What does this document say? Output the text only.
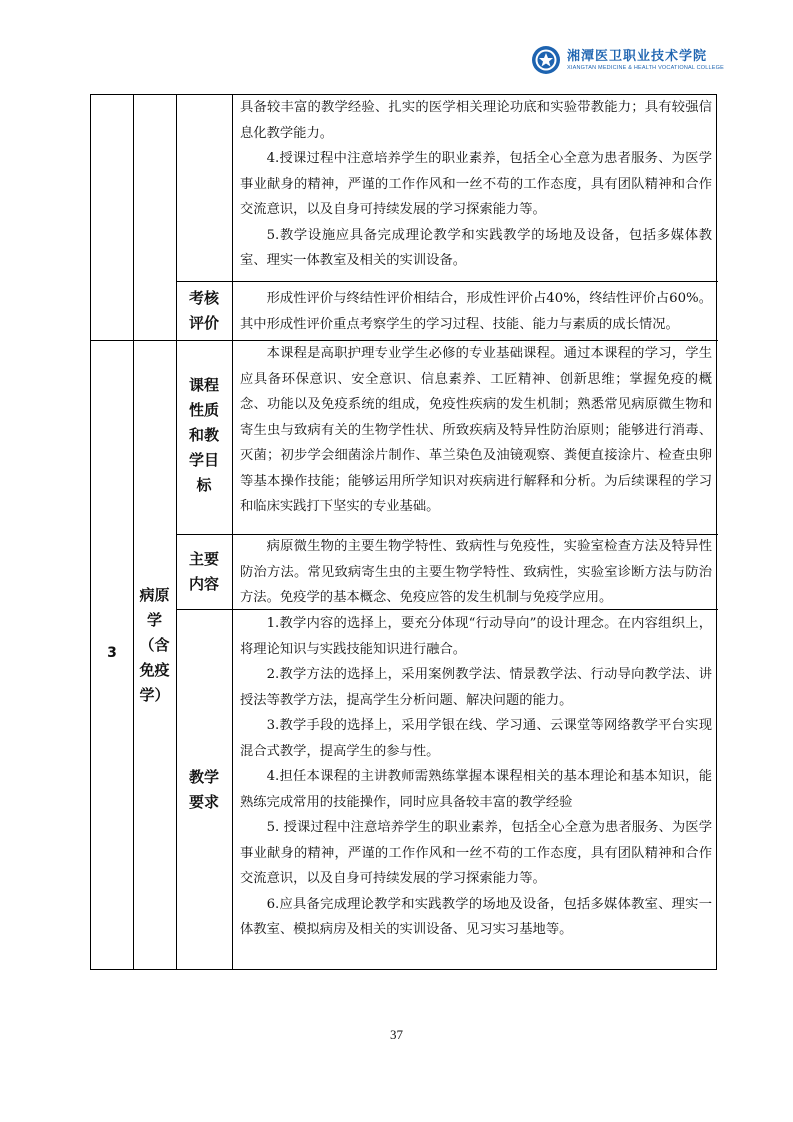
湘潭医卫职业技术学院
XIANGTAN MEDICINE & HEALTH VOCATIONAL COLLEGE

具备较丰富的教学经验、扎实的医学相关理论功底和实验带教能力；具有较强信息化教学能力。

4.授课过程中注意培养学生的职业素养，包括全心全意为患者服务、为医学事业献身的精神，严谨的工作作风和一丝不苟的工作态度，具有团队精神和合作交流意识，以及自身可持续发展的学习探索能力等。

5.教学设施应具备完成理论教学和实践教学的场地及设备，包括多媒体教室、理实一体教室及相关的实训设备。

考核评价

形成性评价与终结性评价相结合，形成性评价占40%，终结性评价占60%。其中形成性评价重点考察学生的学习过程、技能、能力与素质的成长情况。

3
病原
学
（含
免疫
学）
课程
性质
和教
学目
标

本课程是高职护理专业学生必修的专业基础课程。通过本课程的学习，学生应具备环保意识、安全意识、信息素养、工匠精神、创新思维；掌握免疫的概念、功能以及免疫系统的组成，免疫性疾病的发生机制；熟悉常见病原微生物和寄生虫与致病有关的生物学性状、所致疾病及特异性防治原则；能够进行消毒、灭菌；初步学会细菌涂片制作、革兰染色及油镜观察、粪便直接涂片、检查虫卵等基本操作技能；能够运用所学知识对疾病进行解释和分析。为后续课程的学习和临床实践打下坚实的专业基础。

主要
内容

病原微生物的主要生物学特性、致病性与免疫性，实验室检查方法及特异性防治方法。常见致病寄生虫的主要生物学特性、致病性，实验室诊断方法与防治方法。免疫学的基本概念、免疫应答的发生机制与免疫学应用。

教学
要求

1.教学内容的选择上，要充分体现“行动导向”的设计理念。在内容组织上，将理论知识与实践技能知识进行融合。

2.教学方法的选择上，采用案例教学法、情景教学法、行动导向教学法、讲授法等教学方法，提高学生分析问题、解决问题的能力。

3.教学手段的选择上，采用学银在线、学习通、云课堂等网络教学平台实现混合式教学，提高学生的参与性。

4.担任本课程的主讲教师需熟练掌握本课程相关的基本理论和基本知识，能熟练完成常用的技能操作，同时应具备较丰富的教学经验

5. 授课过程中注意培养学生的职业素养，包括全心全意为患者服务、为医学事业献身的精神，严谨的工作作风和一丝不苟的工作态度，具有团队精神和合作交流意识，以及自身可持续发展的学习探索能力等。

6.应具备完成理论教学和实践教学的场地及设备，包括多媒体教室、理实一体教室、模拟病房及相关的实训设备、见习实习基地等。

37
